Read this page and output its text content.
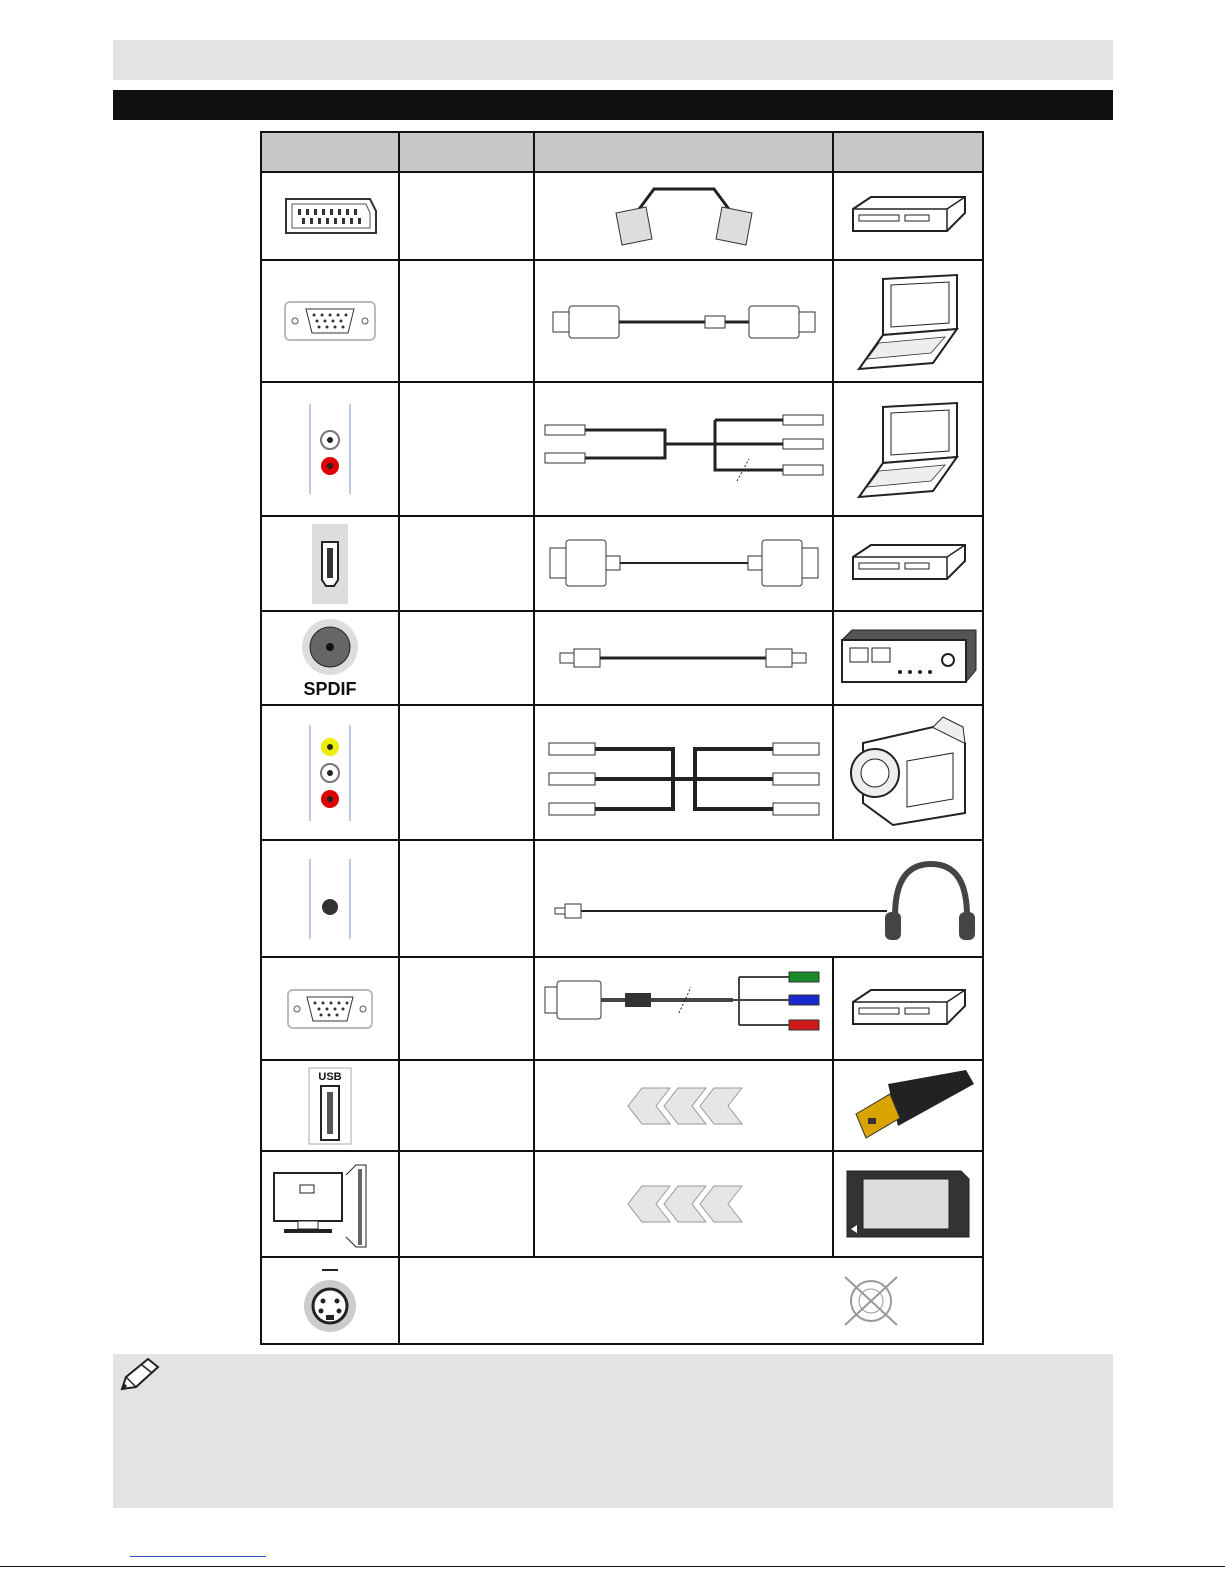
SPDIF

USB
